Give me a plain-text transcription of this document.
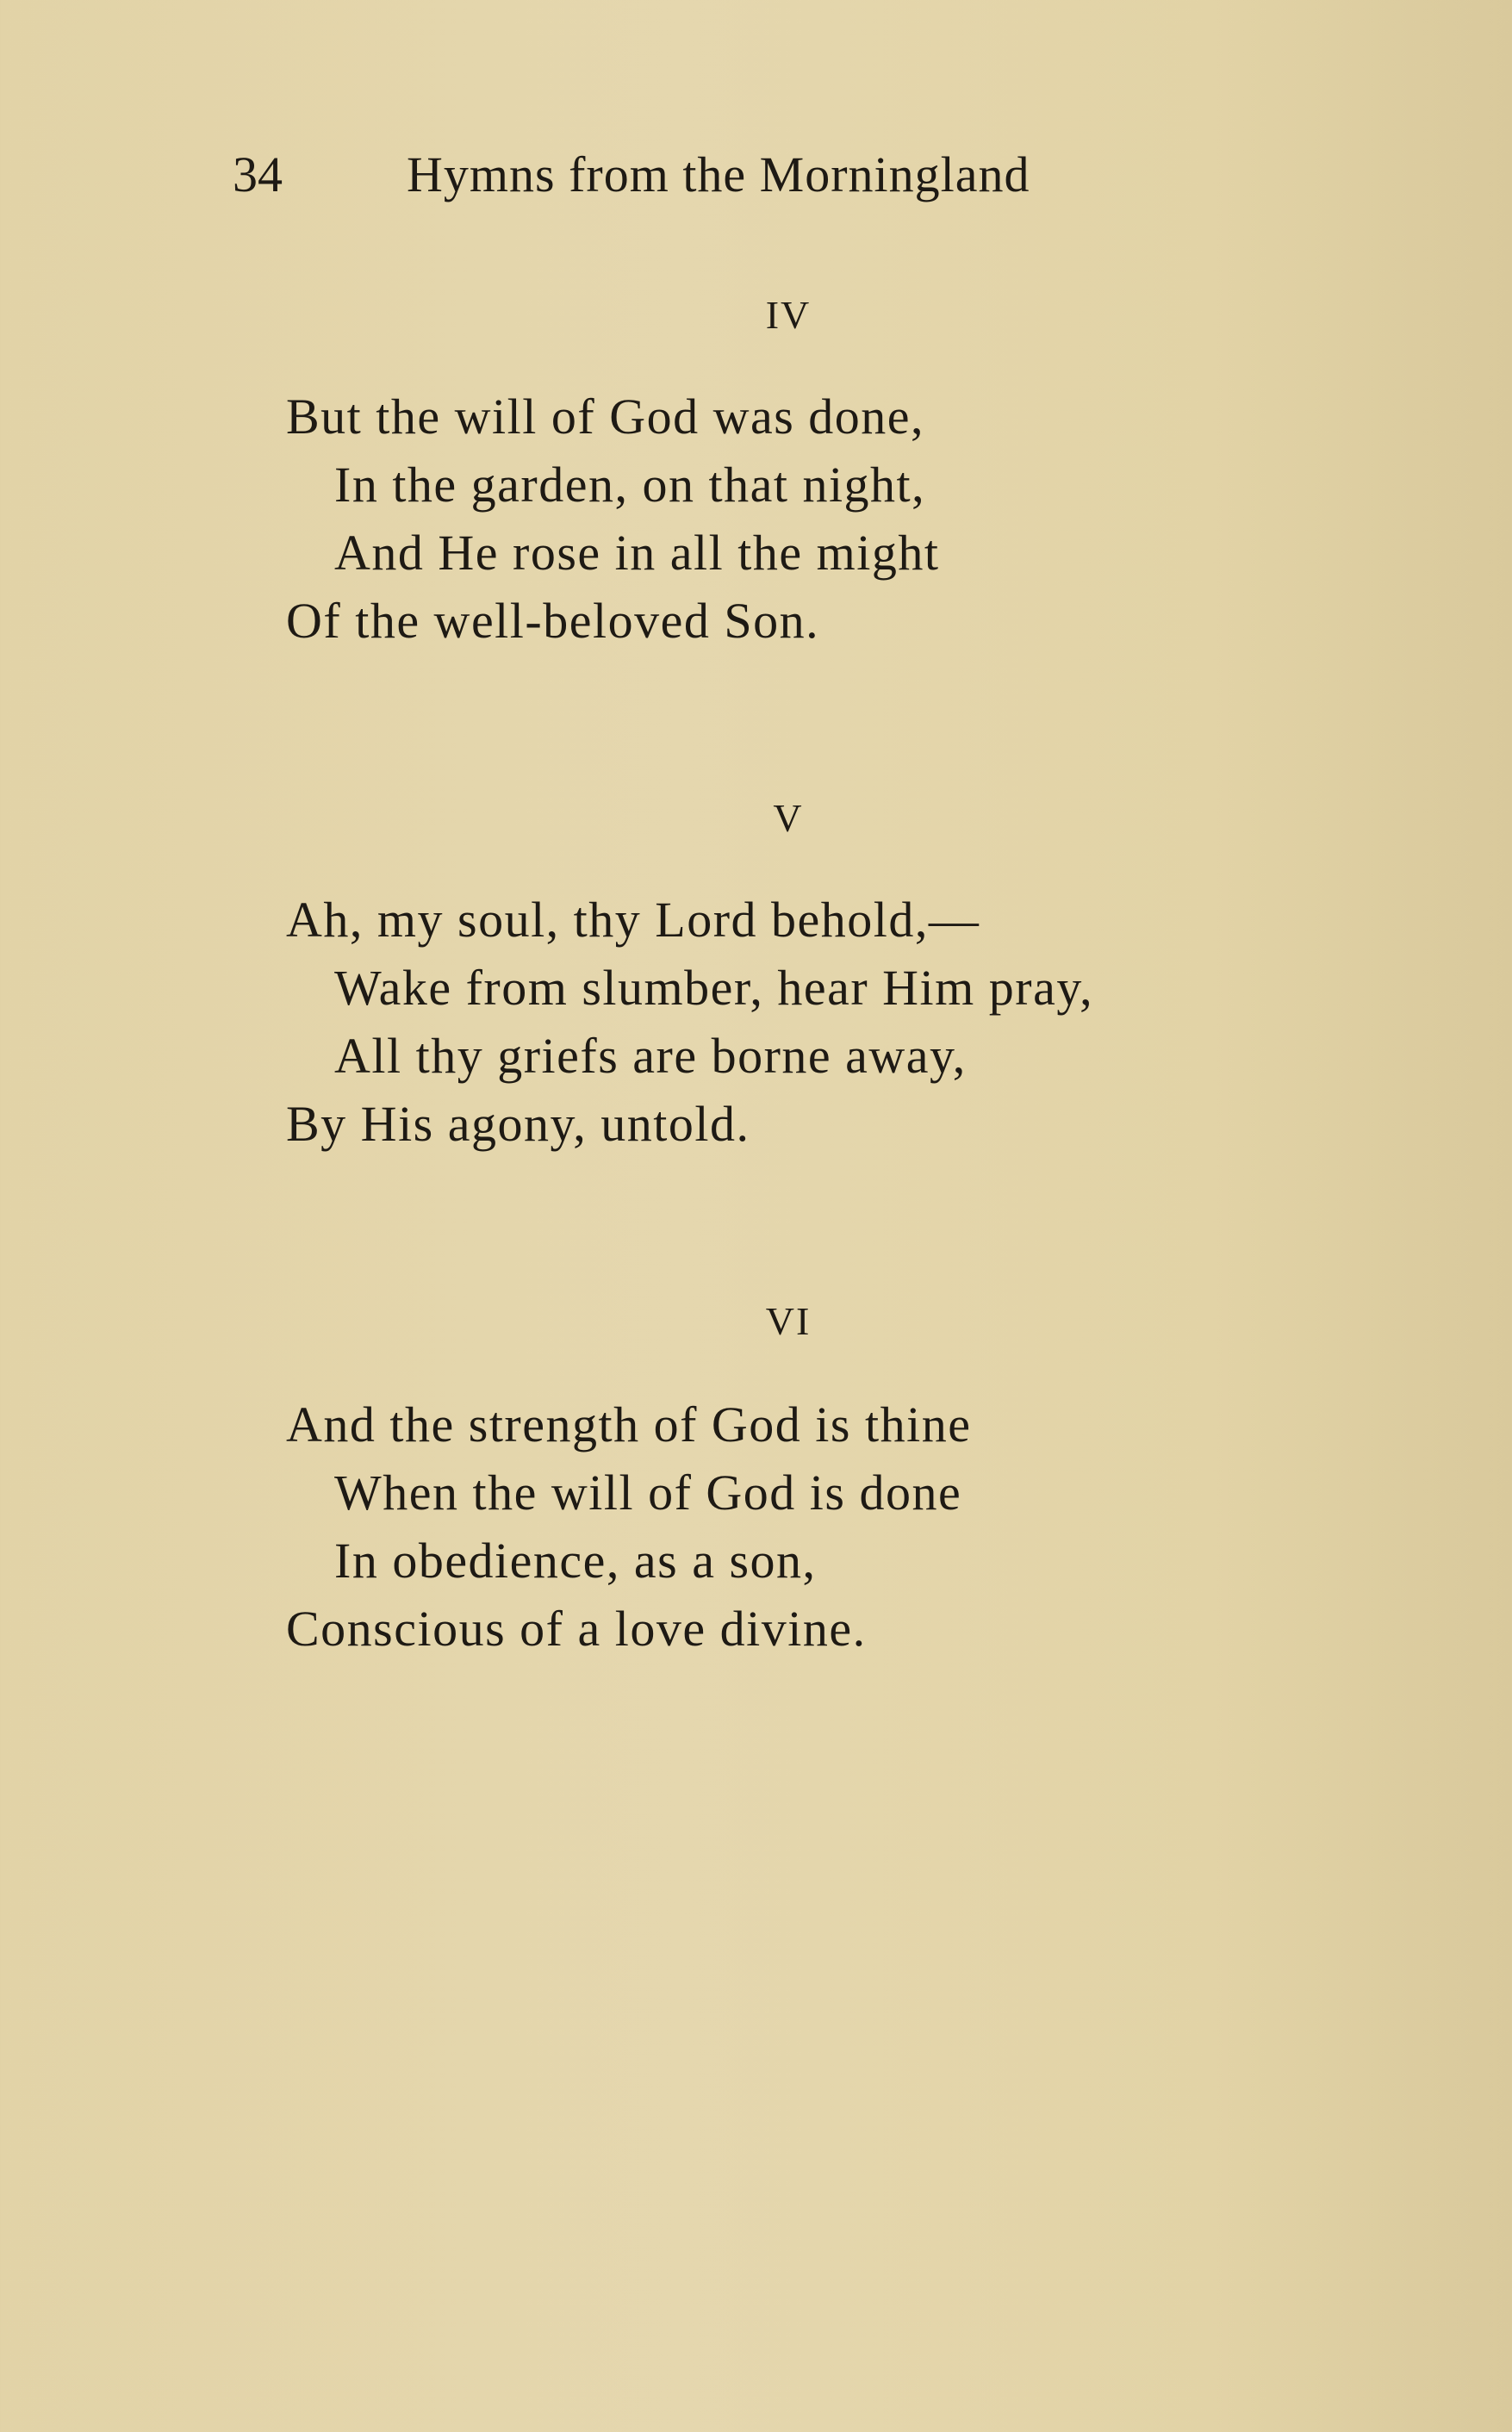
34 Hymns from the Morningland
IV
But the will of God was done,
In the garden, on that night,
And He rose in all the might
Of the well-beloved Son.
V
Ah, my soul, thy Lord behold,—
Wake from slumber, hear Him pray,
All thy griefs are borne away,
By His agony, untold.
VI
And the strength of God is thine
When the will of God is done
In obedience, as a son,
Conscious of a love divine.
